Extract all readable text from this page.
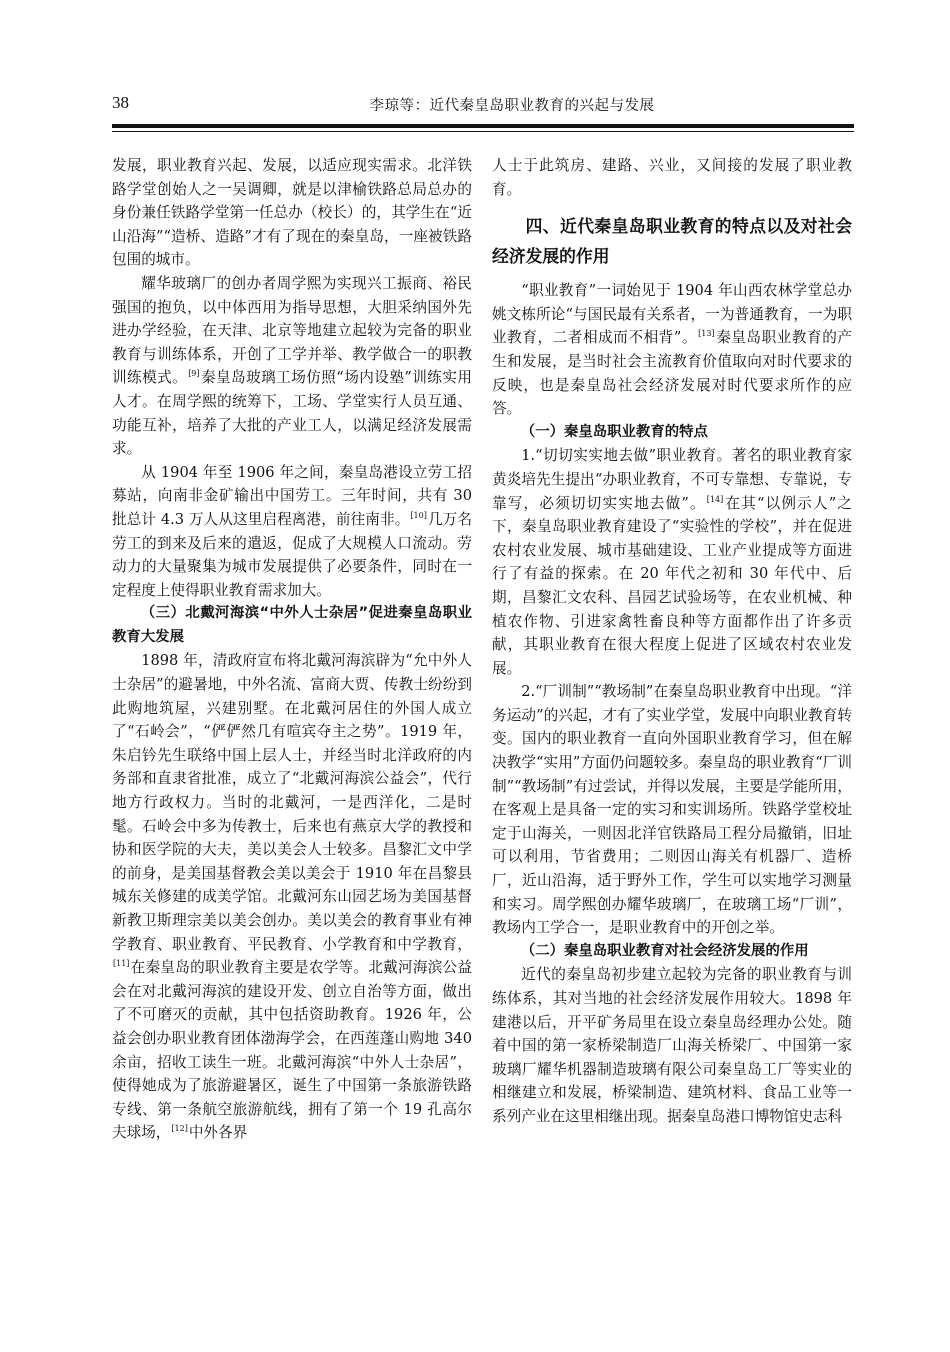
38	李琼等：近代秦皇岛职业教育的兴起与发展

发展，职业教育兴起、发展，以适应现实需求。北洋铁路学堂创始人之一吴调卿，就是以津榆铁路总局总办的身份兼任铁路学堂第一任总办（校长）的，其学生在“近山沿海”“造桥、造路”才有了现在的秦皇岛，一座被铁路包围的城市。

耀华玻璃厂的创办者周学熙为实现兴工振商、裕民强国的抱负，以中体西用为指导思想，大胆采纳国外先进办学经验，在天津、北京等地建立起较为完备的职业教育与训练体系，开创了工学并举、教学做合一的职教训练模式。[9]秦皇岛玻璃工场仿照“场内设塾”训练实用人才。在周学熙的统筹下，工场、学堂实行人员互通、功能互补，培养了大批的产业工人，以满足经济发展需求。

从 1904 年至 1906 年之间，秦皇岛港设立劳工招募站，向南非金矿输出中国劳工。三年时间，共有 30 批总计 4.3 万人从这里启程离港，前往南非。[10]几万名劳工的到来及后来的遣返，促成了大规模人口流动。劳动力的大量聚集为城市发展提供了必要条件，同时在一定程度上使得职业教育需求加大。

（三）北戴河海滨“中外人士杂居”促进秦皇岛职业教育大发展

1898 年，清政府宣布将北戴河海滨辟为“允中外人士杂居”的避暑地，中外名流、富商大贾、传教士纷纷到此购地筑屋，兴建别墅。在北戴河居住的外国人成立了“石岭会”，“俨俨然几有喧宾夺主之势”。1919 年，朱启钤先生联络中国上层人士，并经当时北洋政府的内务部和直隶省批准，成立了“北戴河海滨公益会”，代行地方行政权力。当时的北戴河，一是西洋化，二是时髦。石岭会中多为传教士，后来也有燕京大学的教授和协和医学院的大夫，美以美会人士较多。昌黎汇文中学的前身，是美国基督教会美以美会于 1910 年在昌黎县城东关修建的成美学馆。北戴河东山园艺场为美国基督新教卫斯理宗美以美会创办。美以美会的教育事业有神学教育、职业教育、平民教育、小学教育和中学教育，[11]在秦皇岛的职业教育主要是农学等。北戴河海滨公益会在对北戴河海滨的建设开发、创立自治等方面，做出了不可磨灭的贡献，其中包括资助教育。1926 年，公益会创办职业教育团体渤海学会，在西莲蓬山购地 340 余亩，招收工读生一班。北戴河海滨“中外人士杂居”，使得她成为了旅游避暑区，诞生了中国第一条旅游铁路专线、第一条航空旅游航线，拥有了第一个 19 孔高尔夫球场，[12]中外各界

人士于此筑房、建路、兴业，又间接的发展了职业教育。

四、近代秦皇岛职业教育的特点以及对社会经济发展的作用

“职业教育”一词始见于 1904 年山西农林学堂总办姚文栋所论“与国民最有关系者，一为普通教育，一为职业教育，二者相成而不相背”。[13]秦皇岛职业教育的产生和发展，是当时社会主流教育价值取向对时代要求的反映，也是秦皇岛社会经济发展对时代要求所作的应答。

（一）秦皇岛职业教育的特点

1.“切切实实地去做”职业教育。著名的职业教育家黄炎培先生提出“办职业教育，不可专靠想、专靠说，专靠写，必须切切实实地去做”。[14]在其“以例示人”之下，秦皇岛职业教育建设了“实验性的学校”，并在促进农村农业发展、城市基础建设、工业产业提成等方面进行了有益的探索。在 20 年代之初和 30 年代中、后期，昌黎汇文农科、昌园艺试验场等，在农业机械、种植农作物、引进家禽牲畜良种等方面都作出了许多贡献，其职业教育在很大程度上促进了区域农村农业发展。

2.“厂训制”“教场制”在秦皇岛职业教育中出现。“洋务运动”的兴起，才有了实业学堂，发展中向职业教育转变。国内的职业教育一直向外国职业教育学习，但在解决教学“实用”方面仍问题较多。秦皇岛的职业教育“厂训制”“教场制”有过尝试，并得以发展，主要是学能所用，在客观上是具备一定的实习和实训场所。铁路学堂校址定于山海关，一则因北洋官铁路局工程分局撤销，旧址可以利用，节省费用；二则因山海关有机器厂、造桥厂，近山沿海，适于野外工作，学生可以实地学习测量和实习。周学熙创办耀华玻璃厂，在玻璃工场“厂训”，教场内工学合一，是职业教育中的开创之举。

（二）秦皇岛职业教育对社会经济发展的作用

近代的秦皇岛初步建立起较为完备的职业教育与训练体系，其对当地的社会经济发展作用较大。1898 年建港以后，开平矿务局里在设立秦皇岛经理办公处。随着中国的第一家桥梁制造厂山海关桥梁厂、中国第一家玻璃厂耀华机器制造玻璃有限公司秦皇岛工厂等实业的相继建立和发展，桥梁制造、建筑材料、食品工业等一系列产业在这里相继出现。据秦皇岛港口博物馆史志科
